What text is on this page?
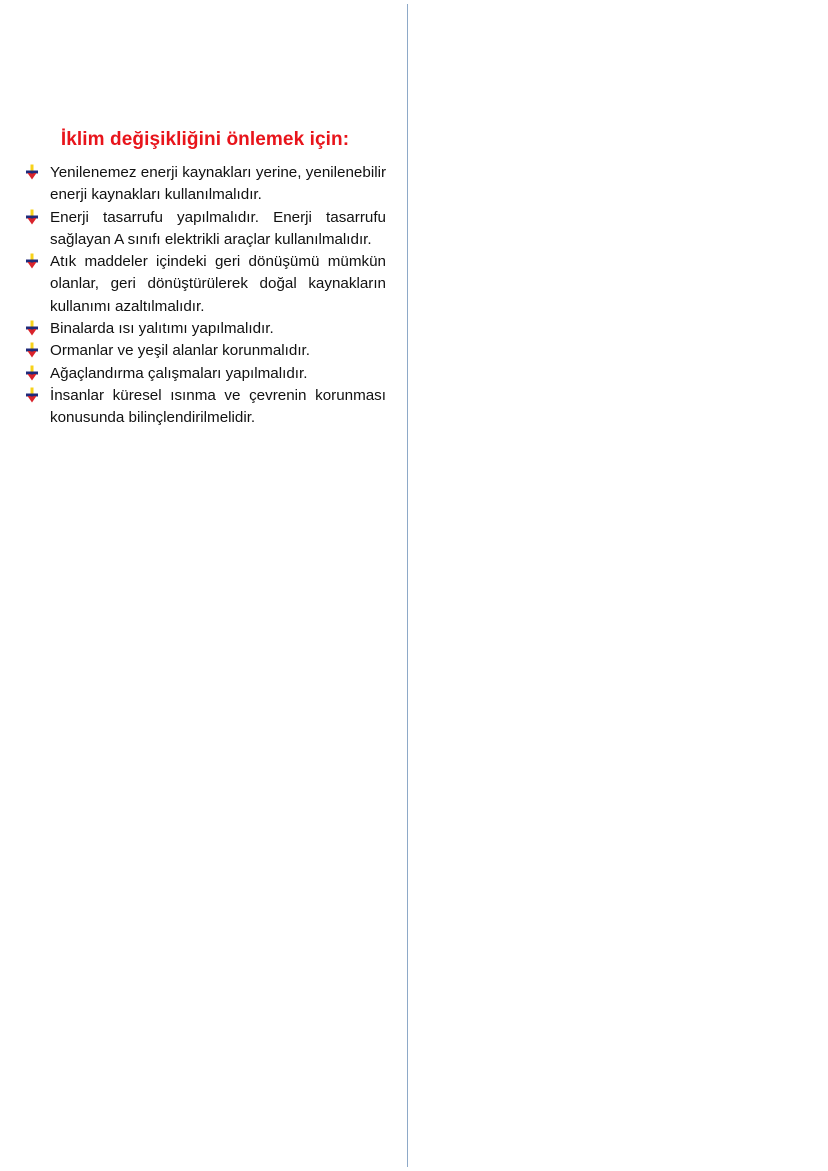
İklim değişikliğini önlemek için:
Yenilenemez enerji kaynakları yerine, yenilenebilir enerji kaynakları kullanılmalıdır.
Enerji tasarrufu yapılmalıdır. Enerji tasarrufu sağlayan A sınıfı elektrikli araçlar kullanılmalıdır.
Atık maddeler içindeki geri dönüşümü mümkün olanlar, geri dönüştürülerek doğal kaynakların kullanımı azaltılmalıdır.
Binalarda ısı yalıtımı yapılmalıdır.
Ormanlar ve yeşil alanlar korunmalıdır.
Ağaçlandırma çalışmaları yapılmalıdır.
İnsanlar küresel ısınma ve çevrenin korunması konusunda bilinçlendirilmelidir.
